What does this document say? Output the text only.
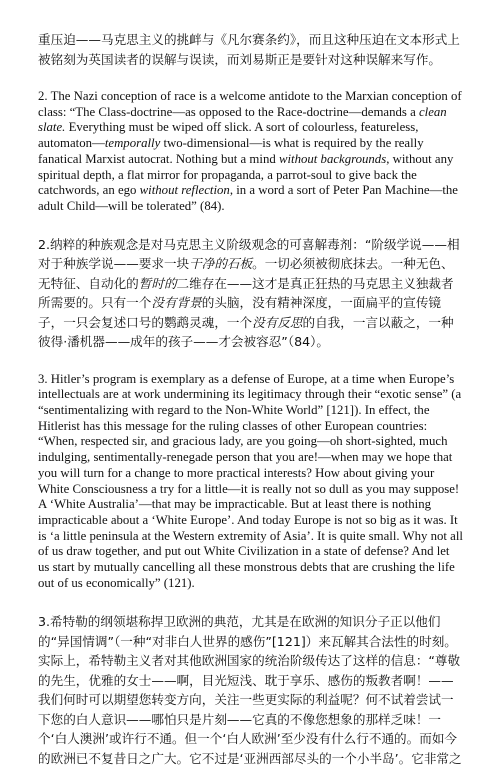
重压迫——马克思主义的挑衅与《凡尔赛条约》，而且这种压迫在文本形式上被铭刻为英国读者的误解与误读，而刘易斯正是要针对这种误解来写作。

2. The Nazi conception of race is a welcome antidote to the Marxian conception of class: “The Class-doctrine—as opposed to the Race-doctrine—demands a clean slate. Everything must be wiped off slick. A sort of colourless, featureless, automaton—temporally two-dimensional—is what is required by the really fanatical Marxist autocrat. Nothing but a mind without backgrounds, without any spiritual depth, a flat mirror for propaganda, a parrot-soul to give back the catchwords, an ego without reflection, in a word a sort of Peter Pan Machine—the adult Child—will be tolerated” (84).

2.纳粹的种族观念是对马克思主义阶级观念的可喜解毒剂：“阶级学说——相对于种族学说——要求一块干净的石板。一切必须被彻底抹去。一种无色、无特征、自动化的暂时的二维存在——这才是真正狂热的马克思主义独裁者所需要的。只有一个没有背景的头脑，没有精神深度，一面扁平的宣传镜子，一只会复述口号的鹦鹉灵魂，一个没有反思的自我，一言以蔽之，一种彼得·潘机器——成年的孩子——才会被容忍”（84）。

3. Hitler’s program is exemplary as a defense of Europe, at a time when Europe’s intellectuals are at work undermining its legitimacy through their “exotic sense” (a “sentimentalizing with regard to the Non-White World” [121]). In effect, the Hitlerist has this message for the ruling classes of other European countries: “When, respected sir, and gracious lady, are you going—oh short-sighted, much indulging, sentimentally-renegade person that you are!—when may we hope that you will turn for a change to more practical interests? How about giving your White Consciousness a try for a little—it is really not so dull as you may suppose! A ‘White Australia’—that may be impracticable. But at least there is nothing impracticable about a ‘White Europe’. And today Europe is not so big as it was. It is ‘a little peninsula at the Western extremity of Asia’. It is quite small. Why not all of us draw together, and put out White Civilization in a state of defense? And let us start by mutually cancelling all these monstrous debts that are crushing the life out of us economically” (121).

3.希特勒的纲领堪称捍卫欧洲的典范，尤其是在欧洲的知识分子正以他们的“异国情调”（一种“对非白人世界的感伤”[121]）来瓦解其合法性的时刻。实际上，希特勒主义者对其他欧洲国家的统治阶级传达了这样的信息：“尊敬的先生，优雅的女士——啊，目光短浅、耽于享乐、感伤的叛教者啊！——我们何时可以期望您转变方向，关注一些更实际的利益呢？何不试着尝试一下您的白人意识——哪怕只是片刻——它真的不像您想象的那样乏味！一个‘白人澳洲’或许行不通。但一个‘白人欧洲’至少没有什么行不通的。而如今的欧洲已不复昔日之广大。它不过是‘亚洲西部尽头的一个小半岛’。它非常之
